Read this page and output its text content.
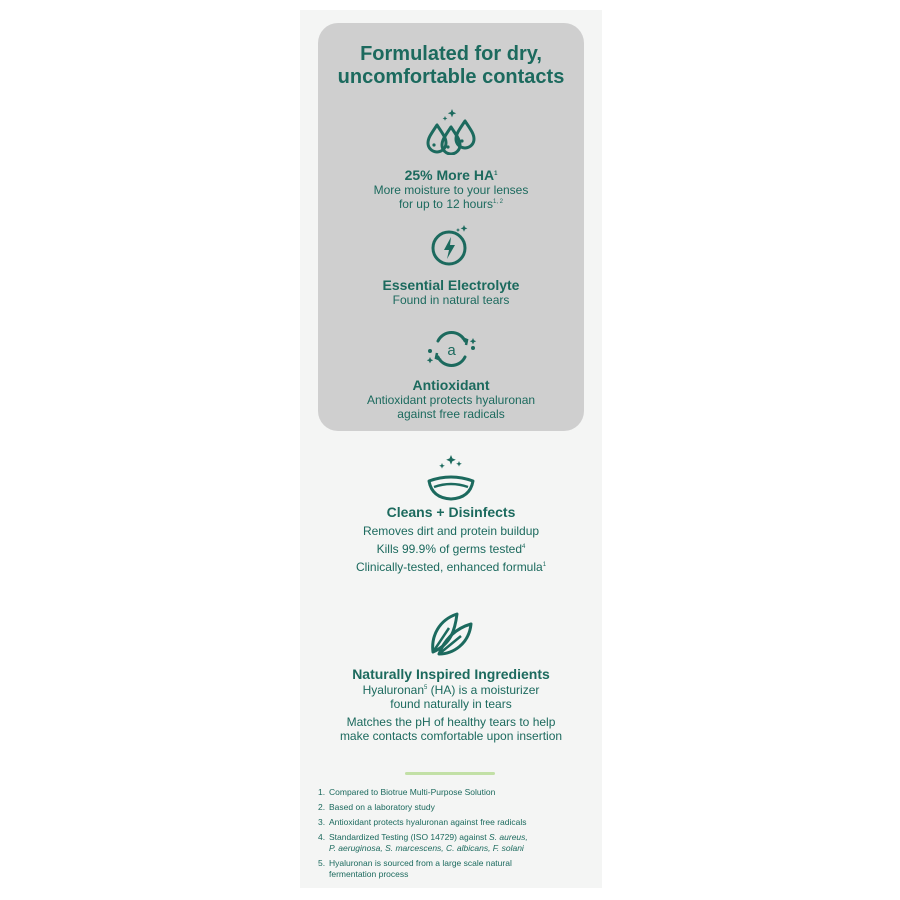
Formulated for dry,
uncomfortable contacts
25% More $HA^1$
More moisture to your lenses
for up to 12 hours$^{1, 2}$
Essential Electrolyte
Found in natural tears
a
Antioxidant
Antioxidant protects hyaluronan
against free radicals
Cleans + Disinfects
Removes dirt and protein buildup
Kills 99.9% of germs tested$^4$
Clinically-tested, enhanced formula$^1$
Naturally Inspired Ingredients
Hyaluronan$^5$ (HA) is a moisturizer
found naturally in tears
Matches the pH of healthy tears to help
make contacts comfortable upon insertion
1. Compared to Biotrue Multi-Purpose Solution
2. Based on a laboratory study
3. Antioxidant protects hyaluronan against free radicals
4. Standardized Testing (ISO 14729) against S. aureus,
P. aeruginosa, S. marcescens, C. albicans, F. solani
5. Hyaluronan is sourced from a large scale natural
fermentation process
